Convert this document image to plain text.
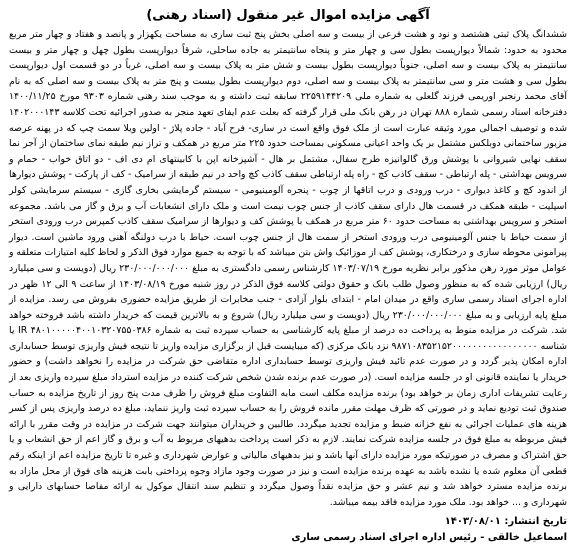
آگهی مزایده اموال غیر منقول (اسناد رهنی)

ششدانگ پلاک ثبتی هشتصد و نود و هشت فرعی از بیست و سه اصلی بخش پنج ثبت ساری به مساحت یکهزار و پانصد و هفتاد و چهار متر مربع محدود به حدود: شمالاً دیوارپست بطول سی و چهار متر و پنجاه سانتیمتر به جاده ساحلی، شرقاً دیوارپست بطول چهل و چهار متر و بیست سانتیمتر به پلاک بیست و سه اصلی، جنوباً دیوارپست بطول بیست و شش متر به پلاک بیست و سه اصلی، غرباً در دو قسمت اول دیوارپست بطول سی و هشت متر و سی سانتیمتر به پلاک بیست و سه اصلی، دوم دیوارپست بطول بیست و پنج متر به پلاک بیست و سه اصلی که به نام آقای محمد رنجبر اوریمی فرزند گلعلی به شماره ملی ۲۲۵۹۱۴۴۲۰۹ سابقه ثبت داشته و به موجب سند رهنی شماره ۹۳۰۳ مورخ ۱۴۰۰/۱۱/۲۵ دفترخانه اسناد رسمی شماره ۸۸۸ تهران در رهن بانک ملی قرار گرفته که بعلت عدم ایفای تعهد منجر به صدور اجرائیه تحت کلاسه ۱۴۰۲۰۰۰۱۴۳ شده و توصیف اجمالی مورد وثیقه عبارت است از ملک فوق واقع است در ساری- فرح آباد - جاده پلاژ - اولین ویلا سمت چپ که در پهنه عرصه مزبور ساختمانی دوبلکس مشتمل بر یک واحد اعیانی مسکونی بمساحت حدود ۲۲۵ متر مربع در همکف و تراز نیم طبقه نمای ساختمان از آجر نما سقف نهایی شیروانی با پوشش ورق گالوانیزه طرح سفال، مشتمل بر هال - آشپزخانه اپن با کابینتهای ام دی اف - دو اتاق خواب - حمام و سرویس بهداشتی - پله ارتباطی - سقف کاذب کچ - راه پله ارتباطی سقف کاذب کچ واحد در نیم طبقه از سرامیک - کف از پارکت - پوشش دیوارها از اندود کچ و کاغذ دیواری - درب ورودی و درب اتاقها از چوب - پنجره آلومینیومی - سیستم گرمایشی بخاری گازی - سیستم سرمایشی کولر اسپلیت - طبقه همکف در قسمت هال دارای سقف کاذب از جنس چوب نیمت است و ملک دارای انشعابات آب و برق و گاز می باشد. مجموعه استخر و سرویس بهداشتی به مساحت حدود ۶۰ متر مربع در همکف با پوشش کف و دیوارها از سرامیک سقف کاذب کمپرس درب ورودی استخر از سمت حیاط با جنس آلومینیومی درب ورودی استخر از سمت هال از جنس چوب است. حیاط با درب دولنگه آهنی ورود ماشین است. دیوار پیرامونی محوطه سازی و درختکاری، پوشش کف از موزائیک واش بتن میباشد که با توجه به جمیع موارد فوق الذکر و لحاظ کلیه امتیازات متعلقه و عوامل موثر مورد رهن مذکور برابر نظریه مورخ ۱۴۰۳/۰۷/۱۹ کارشناس رسمی دادگستری به مبلغ ۲۳۰/۰۰۰/۰۰۰/۰۰۰ ریال (دویست و سی میلیارد ریال) ارزیابی شده که به منظور وصول طلب بانک و حقوق دولتی کلاسه فوق الذکر در روز شنبه مورخ ۱۴۰۳/۰۸/۱۹ از ساعت ۹ الی ۱۲ ظهر در اداره اجرای اسناد رسمی ساری واقع در میدان امام - ابتدای بلوار آزادی - جنب مخابرات از طریق مزایده حضوری بفروش می رسد. مزایده از مبلغ پایه ارزیابی و به مبلغ ۲۳۰/۰۰۰/۰۰۰/۰۰۰ ریال (دویست و سی میلیارد ریال) شروع و به بالاترین قیمت که خریدار داشته باشد فروخته خواهد شد. شرکت در مزایده منوط به پرداخت ده درصد از مبلغ پایه کارشناسی به حساب سپرده ثبت به شماره IR ۴۸۰۱۰۰۰۰۰۴۰۰۱۰۳۲۰۷۵۵۰۳۸۶ یا شناسه ۹۸۷۱۰۸۳۵۲۱۵۲۰۰۰۰۰۰۰۰۰۰۰۰۰۰۰۰۰ نزد بانک مرکزی (که میبایست قبل از برگزاری مزایده واریز تا نتیجه فیش واریزی توسط حسابداری اداره امکان پذیر گردد و در صورت عدم تائید فیش واریزی توسط حسابداری اداره متقاضی حق شرکت در مزایده را نخواهد داشت) و حضور خریدار یا نماینده قانونی او در جلسه مزایده است. (در صورت عدم برنده شدن شخص شرکت کننده در مزایده استرداد مبلغ سپرده واریزی بعد از رعایت تشریفات اداری زمان بر خواهد بود) برنده مزایده مکلف است مابه التفاوت مبلغ فروش را ظرف مدت پنج روز از تاریخ مزایده به حساب صندوق ثبت تودیع نماید و در صورتی که ظرف مهلت مقرر مانده فروش را به حساب سپرده ثبت واریز ننماید، مبلغ ده درصد واریزی پس از کسر هزینه های عملیات اجرائی به نفع خزانه ضبط و مزایده تجدید میگردد. طالبین و خریداران میتوانند جهت شرکت در مزایده در وقت مقرر با ارائه فیش مربوطه به مبلغ فوق در جلسه مزایده شرکت نمایند. لازم به ذکر است پرداخت بدهیهای مربوط به آب و برق و گاز اعم از حق انشعاب و یا حق اشتراک و مصرف در صورتیکه مورد مزایده دارای آنها باشد و نیز بدهیهای مالیاتی و عوارض شهرداری و غیره تا تاریخ مزایده اعم از اینکه رقم قطعی آن معلوم شده یا نشده باشد به عهده برنده مزایده است و نیز در صورت وجود مازاد وجوه پرداختی بابت هزینه های فوق از محل مازاد به برنده مزایده مسترد خواهد شد و نیم عشر و حق مزایده نقداً وصول میگردد و تنظیم سند انتقال موکول به ارائه مفاصا حسابهای دارایی و شهرداری و ... خواهد بود. ملک مورد مزایده فاقد بیمه میباشد.

تاریخ انتشار: ۱۴۰۳/۰۸/۰۱
اسماعیل خالقی - رئیس اداره اجرای اسناد رسمی ساری
